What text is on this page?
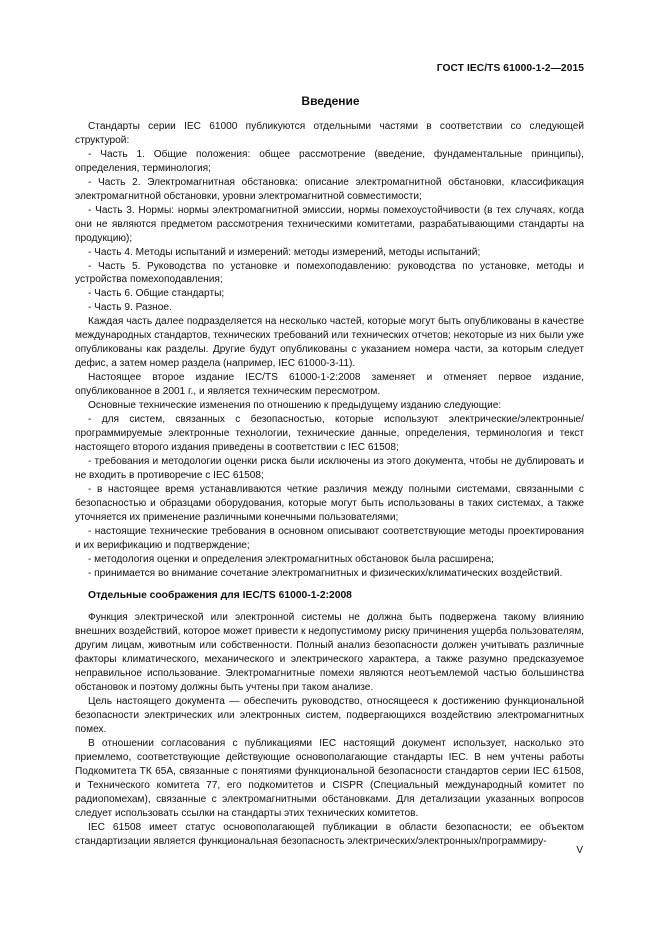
ГОСТ IEC/TS 61000-1-2—2015
Введение

Стандарты серии IEC 61000 публикуются отдельными частями в соответствии со следующей структурой:

- Часть 1. Общие положения: общее рассмотрение (введение, фундаментальные принципы), определения, терминология;

- Часть 2. Электромагнитная обстановка: описание электромагнитной обстановки, классификация электромагнитной обстановки, уровни электромагнитной совместимости;

- Часть 3. Нормы: нормы электромагнитной эмиссии, нормы помехоустойчивости (в тех случаях, когда они не являются предметом рассмотрения техническими комитетами, разрабатывающими стандарты на продукцию);

- Часть 4. Методы испытаний и измерений: методы измерений, методы испытаний;

- Часть 5. Руководства по установке и помехоподавлению: руководства по установке, методы и устройства помехоподавления;

- Часть 6. Общие стандарты;

- Часть 9. Разное.

Каждая часть далее подразделяется на несколько частей, которые могут быть опубликованы в качестве международных стандартов, технических требований или технических отчетов; некоторые из них были уже опубликованы как разделы. Другие будут опубликованы с указанием номера части, за которым следует дефис, а затем номер раздела (например, IEC 61000-3-11).

Настоящее второе издание IEC/TS 61000-1-2:2008 заменяет и отменяет первое издание, опубликованное в 2001 г., и является техническим пересмотром.

Основные технические изменения по отношению к предыдущему изданию следующие:

- для систем, связанных с безопасностью, которые используют электрические/электронные/программируемые электронные технологии, технические данные, определения, терминология и текст настоящего второго издания приведены в соответствии с IEC 61508;

- требования и методологии оценки риска были исключены из этого документа, чтобы не дублировать и не входить в противоречие с IEC 61508;

- в настоящее время устанавливаются четкие различия между полными системами, связанными с безопасностью и образцами оборудования, которые могут быть использованы в таких системах, а также уточняется их применение различными конечными пользователями;

- настоящие технические требования в основном описывают соответствующие методы проектирования и их верификацию и подтверждение;

- методология оценки и определения электромагнитных обстановок была расширена;

- принимается во внимание сочетание электромагнитных и физических/климатических воздействий.

Отдельные соображения для IEC/TS 61000-1-2:2008

Функция электрической или электронной системы не должна быть подвержена такому влиянию внешних воздействий, которое может привести к недопустимому риску причинения ущерба пользователям, другим лицам, животным или собственности. Полный анализ безопасности должен учитывать различные факторы климатического, механического и электрического характера, а также разумно предсказуемое неправильное использование. Электромагнитные помехи являются неотъемлемой частью большинства обстановок и поэтому должны быть учтены при таком анализе.

Цель настоящего документа — обеспечить руководство, относящееся к достижению функциональной безопасности электрических или электронных систем, подвергающихся воздействию электромагнитных помех.

В отношении согласования с публикациями IEC настоящий документ использует, насколько это приемлемо, соответствующие действующие основополагающие стандарты IEC. В нем учтены работы Подкомитета ТК 65А, связанные с понятиями функциональной безопасности стандартов серии IEC 61508, и Технического комитета 77, его подкомитетов и CISPR (Специальный международный комитет по радиопомехам), связанные с электромагнитными обстановками. Для детализации указанных вопросов следует использовать ссылки на стандарты этих технических комитетов.

IEC 61508 имеет статус основополагающей публикации в области безопасности; ее объектом стандартизации является функциональная безопасность электрических/электронных/программиру-

V
